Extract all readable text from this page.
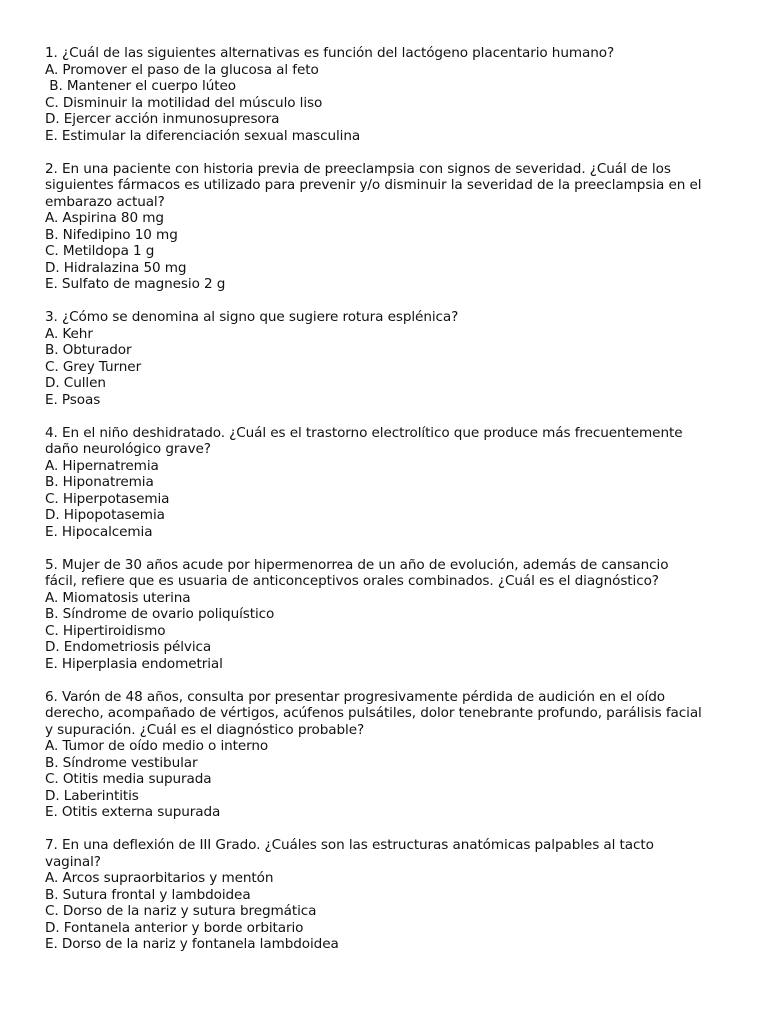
1. ¿Cuál de las siguientes alternativas es función del lactógeno placentario humano?
A. Promover el paso de la glucosa al feto
B. Mantener el cuerpo lúteo
C. Disminuir la motilidad del músculo liso
D. Ejercer acción inmunosupresora
E. Estimular la diferenciación sexual masculina
2. En una paciente con historia previa de preeclampsia con signos de severidad. ¿Cuál de los
siguientes fármacos es utilizado para prevenir y/o disminuir la severidad de la preeclampsia en el
embarazo actual?
A. Aspirina 80 mg
B. Nifedipino 10 mg
C. Metildopa 1 g
D. Hidralazina 50 mg
E. Sulfato de magnesio 2 g
3. ¿Cómo se denomina al signo que sugiere rotura esplénica?
A. Kehr
B. Obturador
C. Grey Turner
D. Cullen
E. Psoas
4. En el niño deshidratado. ¿Cuál es el trastorno electrolítico que produce más frecuentemente
daño neurológico grave?
A. Hipernatremia
B. Hiponatremia
C. Hiperpotasemia
D. Hipopotasemia
E. Hipocalcemia
5. Mujer de 30 años acude por hipermenorrea de un año de evolución, además de cansancio
fácil, refiere que es usuaria de anticonceptivos orales combinados. ¿Cuál es el diagnóstico?
A. Miomatosis uterina
B. Síndrome de ovario poliquístico
C. Hipertiroidismo
D. Endometriosis pélvica
E. Hiperplasia endometrial
6. Varón de 48 años, consulta por presentar progresivamente pérdida de audición en el oído
derecho, acompañado de vértigos, acúfenos pulsátiles, dolor tenebrante profundo, parálisis facial
y supuración. ¿Cuál es el diagnóstico probable?
A. Tumor de oído medio o interno
B. Síndrome vestibular
C. Otitis media supurada
D. Laberintitis
E. Otitis externa supurada
7. En una deflexión de III Grado. ¿Cuáles son las estructuras anatómicas palpables al tacto
vaginal?
A. Arcos supraorbitarios y mentón
B. Sutura frontal y lambdoidea
C. Dorso de la nariz y sutura bregmática
D. Fontanela anterior y borde orbitario
E. Dorso de la nariz y fontanela lambdoidea
